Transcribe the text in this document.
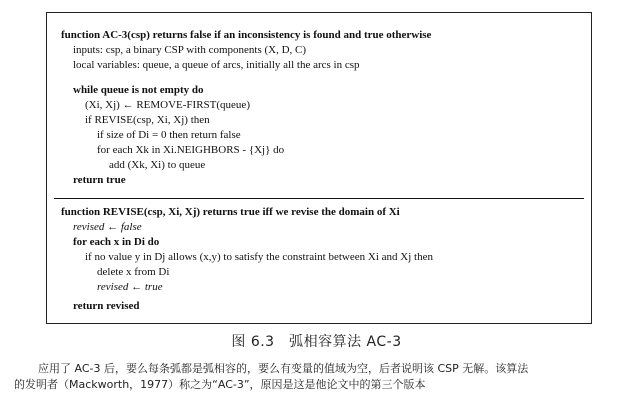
function AC-3(csp) returns false if an inconsistency is found and true otherwise
inputs: csp, a binary CSP with components (X, D, C)
local variables: queue, a queue of arcs, initially all the arcs in csp
while queue is not empty do
(Xi, Xj) ← REMOVE-FIRST(queue)
if REVISE(csp, Xi, Xj) then
if size of Di = 0 then return false
for each Xk in Xi.NEIGHBORS - {Xj} do
add (Xk, Xi) to queue
return true
function REVISE(csp, Xi, Xj) returns true iff we revise the domain of Xi
revised ← false
for each x in Di do
if no value y in Dj allows (x,y) to satisfy the constraint between Xi and Xj then
delete x from Di
revised ← true
return revised
图 6.3　弧相容算法 AC-3
应用了 AC-3 后，要么每条弧都是弧相容的，要么有变量的值域为空，后者说明该 CSP 无解。该算法
的发明者（Mackworth，1977）称之为“AC-3”，原因是这是他论文中的第三个版本
